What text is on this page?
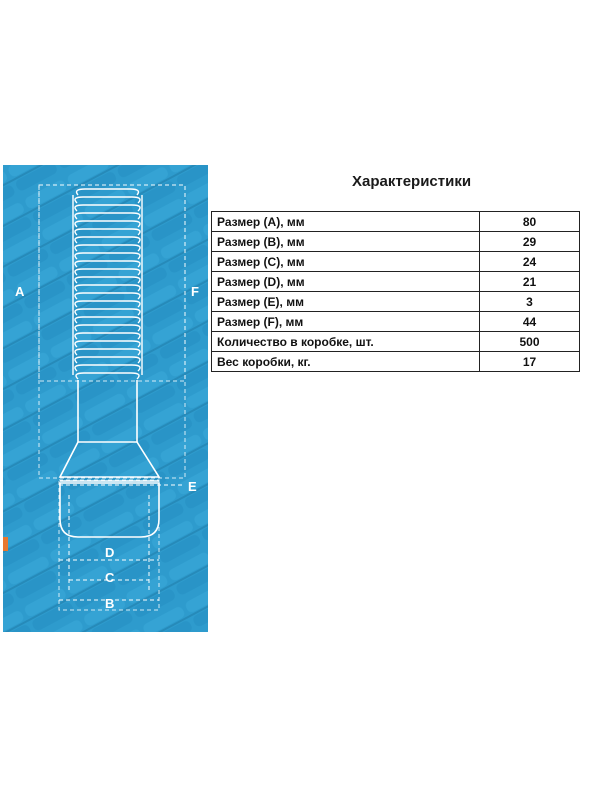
A	F
E
D
C
B
Характеристики
Размер (A), мм	80
Размер (B), мм	29
Размер (C), мм	24
Размер (D), мм	21
Размер (E), мм	3
Размер (F), мм	44
Количество в коробке, шт.	500
Вес коробки, кг.	17
